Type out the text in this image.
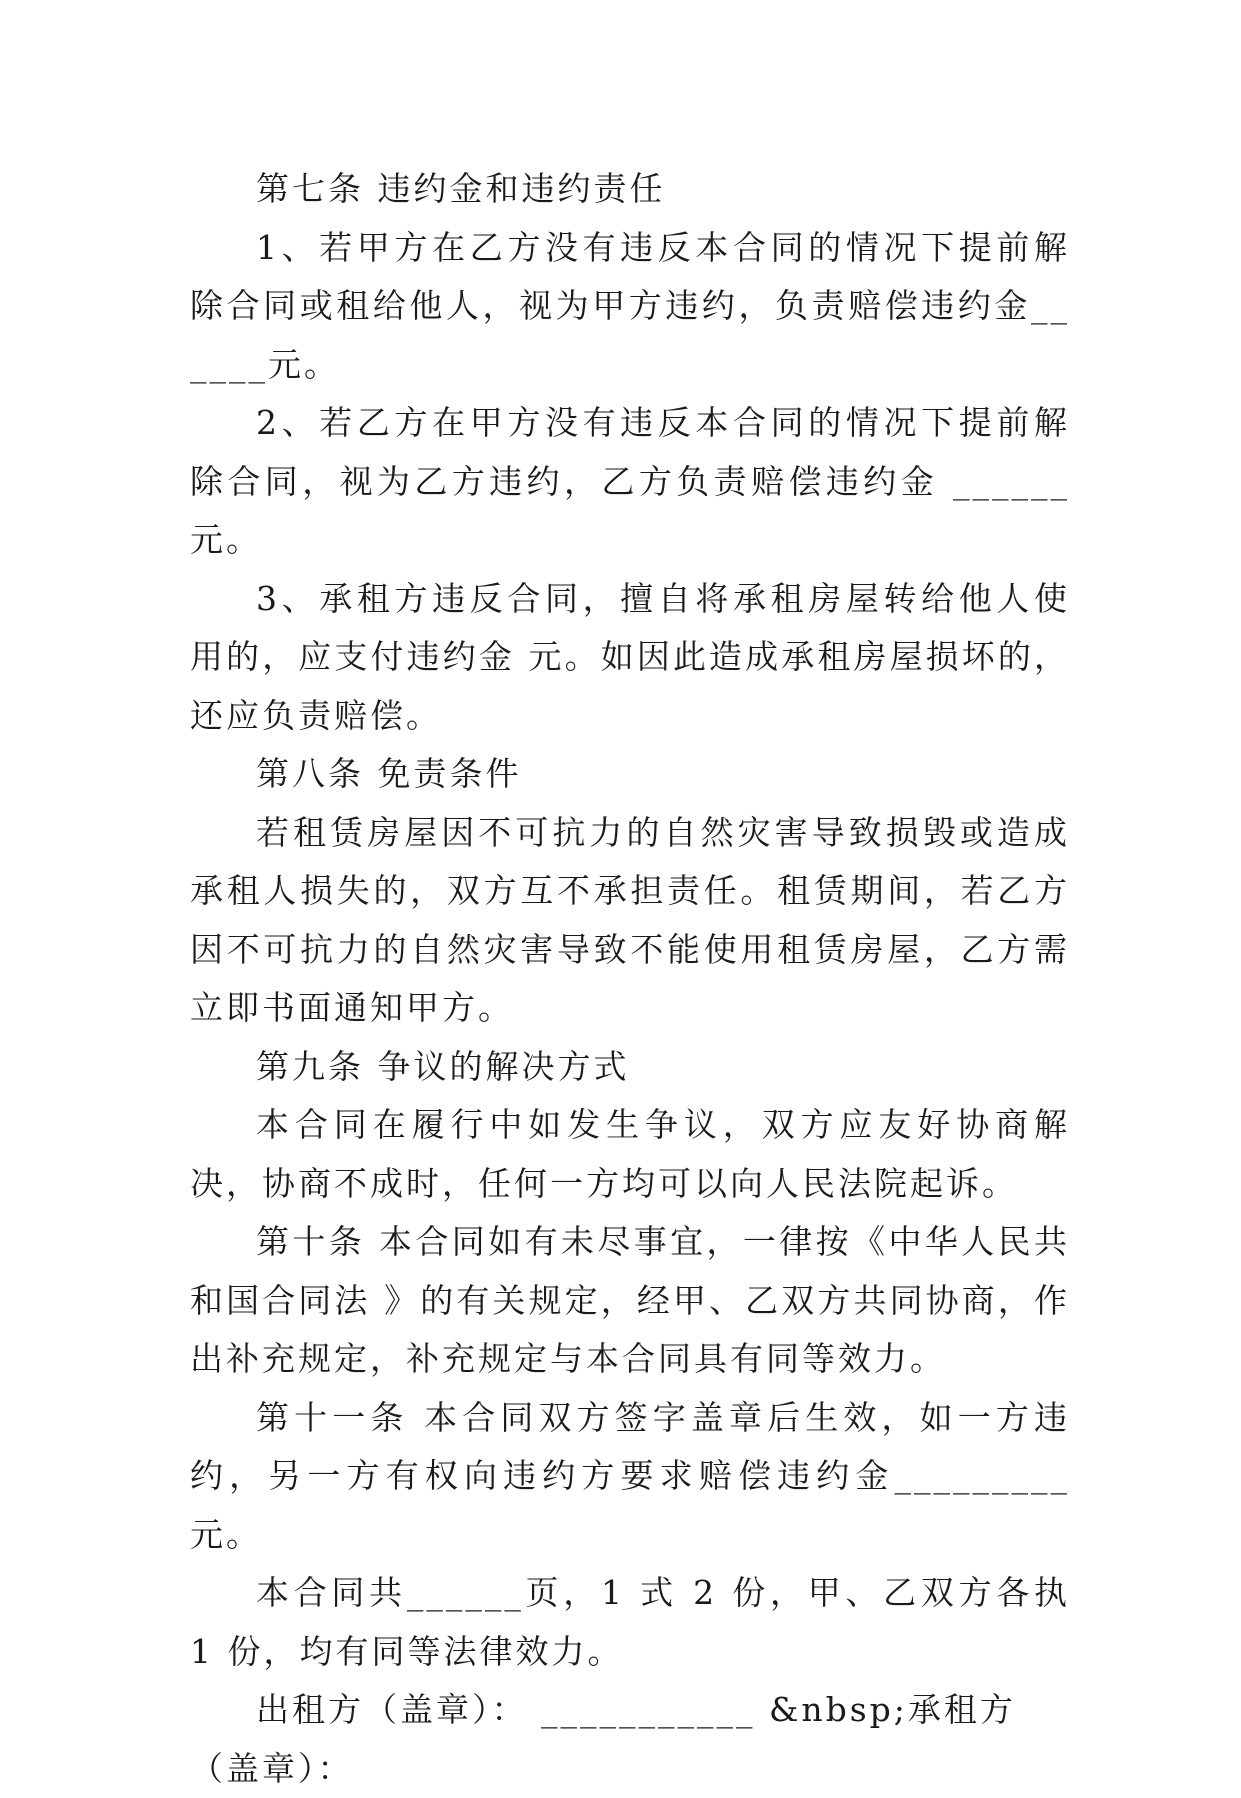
第七条 违约金和违约责任

1、若甲方在乙方没有违反本合同的情况下提前解除合同或租给他人，视为甲方违约，负责赔偿违约金______元。

2、若乙方在甲方没有违反本合同的情况下提前解除合同，视为乙方违约，乙方负责赔偿违约金 ______元。

3、承租方违反合同，擅自将承租房屋转给他人使用的，应支付违约金 元。如因此造成承租房屋损坏的，还应负责赔偿。

第八条 免责条件

若租赁房屋因不可抗力的自然灾害导致损毁或造成承租人损失的，双方互不承担责任。租赁期间，若乙方因不可抗力的自然灾害导致不能使用租赁房屋，乙方需立即书面通知甲方。

第九条 争议的解决方式

本合同在履行中如发生争议，双方应友好协商解决，协商不成时，任何一方均可以向人民法院起诉。

第十条 本合同如有未尽事宜，一律按《中华人民共和国合同法 》的有关规定，经甲、乙双方共同协商，作出补充规定，补充规定与本合同具有同等效力。

第十一条 本合同双方签字盖章后生效，如一方违约，另一方有权向违约方要求赔偿违约金_________元。

本合同共______页，1 式 2 份，甲、乙双方各执 1 份，均有同等法律效力。

出租方（盖章）： ___________ &nbsp;承租方（盖章）：
